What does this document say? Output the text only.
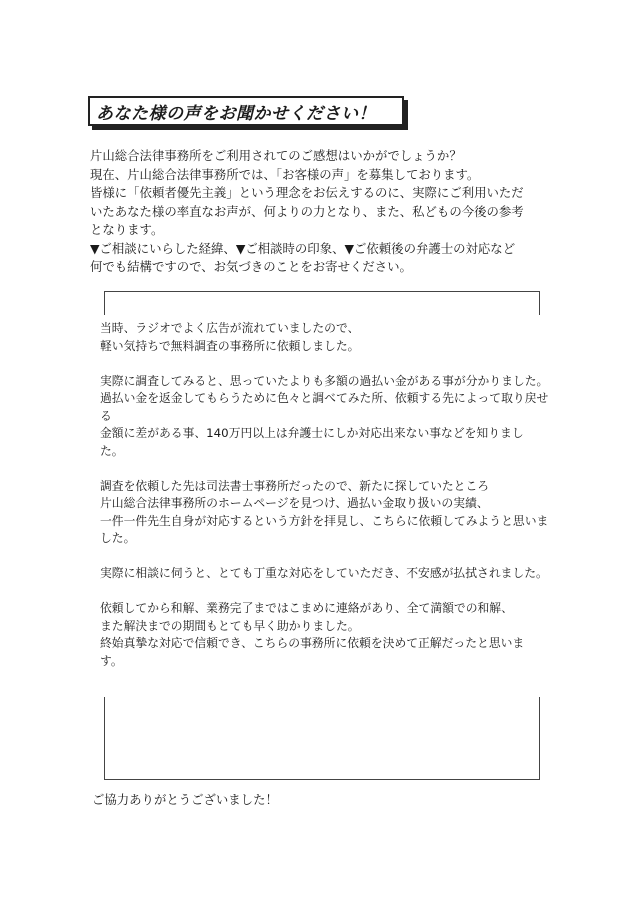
あなた様の声をお聞かせください！

片山総合法律事務所をご利用されてのご感想はいかがでしょうか？

現在、片山総合法律事務所では、「お客様の声」を募集しております。

皆様に「依頼者優先主義」という理念をお伝えするのに、実際にご利用いただ

いたあなた様の率直なお声が、何よりの力となり、また、私どもの今後の参考

となります。

▼ご相談にいらした経緯、▼ご相談時の印象、▼ご依頼後の弁護士の対応など

何でも結構ですので、お気づきのことをお寄せください。

当時、ラジオでよく広告が流れていましたので、
軽い気持ちで無料調査の事務所に依頼しました。
実際に調査してみると、思っていたよりも多額の過払い金がある事が分かりました。
過払い金を返金してもらうために色々と調べてみた所、依頼する先によって取り戻せ
る
金額に差がある事、140万円以上は弁護士にしか対応出来ない事などを知りまし
た。
調査を依頼した先は司法書士事務所だったので、新たに探していたところ
片山総合法律事務所のホームページを見つけ、過払い金取り扱いの実績、
一件一件先生自身が対応するという方針を拝見し、こちらに依頼してみようと思いま
した。
実際に相談に伺うと、とても丁重な対応をしていただき、不安感が払拭されました。
依頼してから和解、業務完了まではこまめに連絡があり、全て満額での和解、
また解決までの期間もとても早く助かりました。
終始真摯な対応で信頼でき、こちらの事務所に依頼を決めて正解だったと思いま
す。
ご協力ありがとうございました！
